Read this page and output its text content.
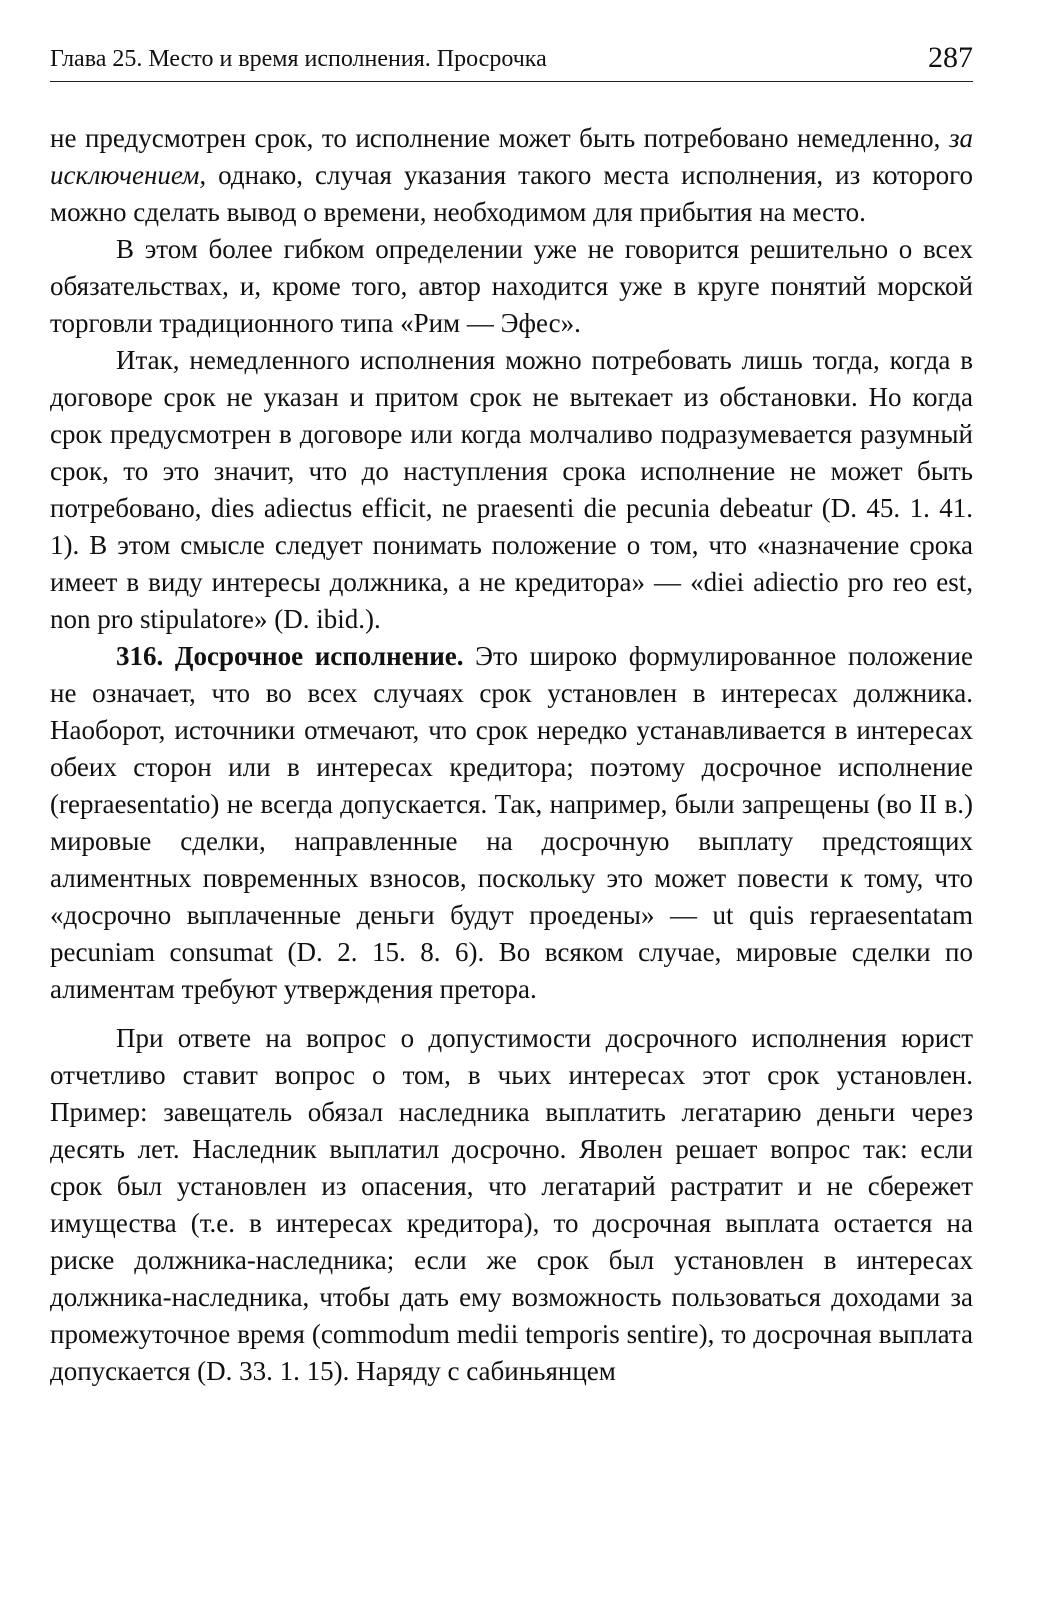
Глава 25. Место и время исполнения. Просрочка	287

не предусмотрен срок, то исполнение может быть потребовано немедленно, за исключением, однако, случая указания такого места исполнения, из которого можно сделать вывод о времени, необходимом для прибытия на место.

В этом более гибком определении уже не говорится решительно о всех обязательствах, и, кроме того, автор находится уже в круге понятий морской торговли традиционного типа «Рим — Эфес».

Итак, немедленного исполнения можно потребовать лишь тогда, когда в договоре срок не указан и притом срок не вытекает из обстановки. Но когда срок предусмотрен в договоре или когда молчаливо подразумевается разумный срок, то это значит, что до наступления срока исполнение не может быть потребовано, dies adiectus efficit, ne praesenti die pecunia debeatur (D. 45. 1. 41. 1). В этом смысле следует понимать положение о том, что «назначение срока имеет в виду интересы должника, а не кредитора» — «diei adiectio pro reo est, non pro stipulatore» (D. ibid.).

316. Досрочное исполнение. Это широко формулированное положение не означает, что во всех случаях срок установлен в интересах должника. Наоборот, источники отмечают, что срок нередко устанавливается в интересах обеих сторон или в интересах кредитора; поэтому досрочное исполнение (repraesentatio) не всегда допускается. Так, например, были запрещены (во II в.) мировые сделки, направленные на досрочную выплату предстоящих алиментных повременных взносов, поскольку это может повести к тому, что «досрочно выплаченные деньги будут проедены» — ut quis repraesentatam pecuniam consumat (D. 2. 15. 8. 6). Во всяком случае, мировые сделки по алиментам требуют утверждения претора.

При ответе на вопрос о допустимости досрочного исполнения юрист отчетливо ставит вопрос о том, в чьих интересах этот срок установлен. Пример: завещатель обязал наследника выплатить легатарию деньги через десять лет. Наследник выплатил досрочно. Яволен решает вопрос так: если срок был установлен из опасения, что легатарий растратит и не сбережет имущества (т.е. в интересах кредитора), то досрочная выплата остается на риске должника-наследника; если же срок был установлен в интересах должника-наследника, чтобы дать ему возможность пользоваться доходами за промежуточное время (commodum medii temporis sentire), то досрочная выплата допускается (D. 33. 1. 15). Наряду с сабиньянцем
